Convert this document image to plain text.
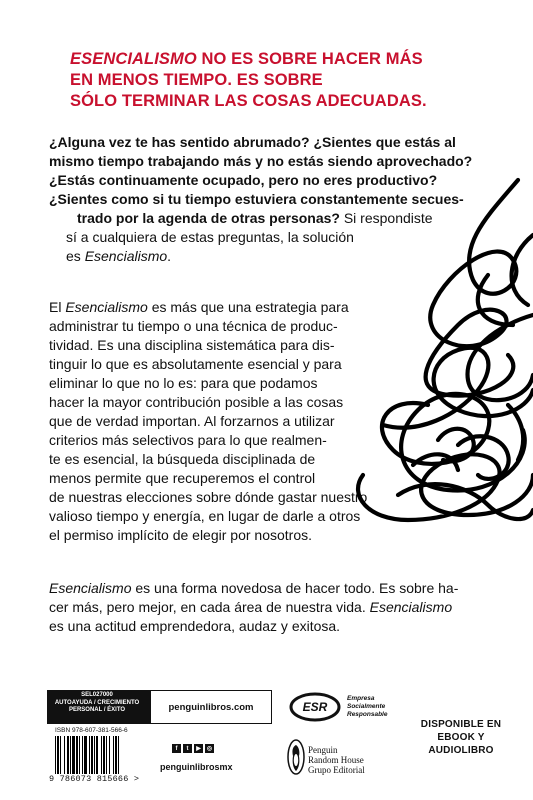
ESENCIALISMO NO ES SOBRE HACER MÁS
EN MENOS TIEMPO. ES SOBRE
SÓLO TERMINAR LAS COSAS ADECUADAS.
¿Alguna vez te has sentido abrumado? ¿Sientes que estás al
mismo tiempo trabajando más y no estás siendo aprovechado?
¿Estás continuamente ocupado, pero no eres productivo?
¿Sientes como si tu tiempo estuviera constantemente secues-
trado por la agenda de otras personas? Si respondiste
sí a cualquiera de estas preguntas, la solución
es Esencialismo.
El Esencialismo es más que una estrategia para
administrar tu tiempo o una técnica de produc-
tividad. Es una disciplina sistemática para dis-
tinguir lo que es absolutamente esencial y para
eliminar lo que no lo es: para que podamos
hacer la mayor contribución posible a las cosas
que de verdad importan. Al forzarnos a utilizar
criterios más selectivos para lo que realmen-
te es esencial, la búsqueda disciplinada de
menos permite que recuperemos el control
de nuestras elecciones sobre dónde gastar nuestro
valioso tiempo y energía, en lugar de darle a otros
el permiso implícito de elegir por nosotros.
Esencialismo es una forma novedosa de hacer todo. Es sobre ha-
cer más, pero mejor, en cada área de nuestra vida. Esencialismo
es una actitud emprendedora, audaz y exitosa.
SEL027000
AUTOAYUDA / CRECIMIENTO
PERSONAL / ÉXITO	penguinlibros.com
ISBN 978-607-381-566-6
9 786073 815666 >
f	t	▶	◎
penguinlibrosmx
ESR
Empresa
Socialmente
Responsable
Penguin
Random House
Grupo Editorial
DISPONIBLE EN
EBOOK Y AUDIOLIBRO
